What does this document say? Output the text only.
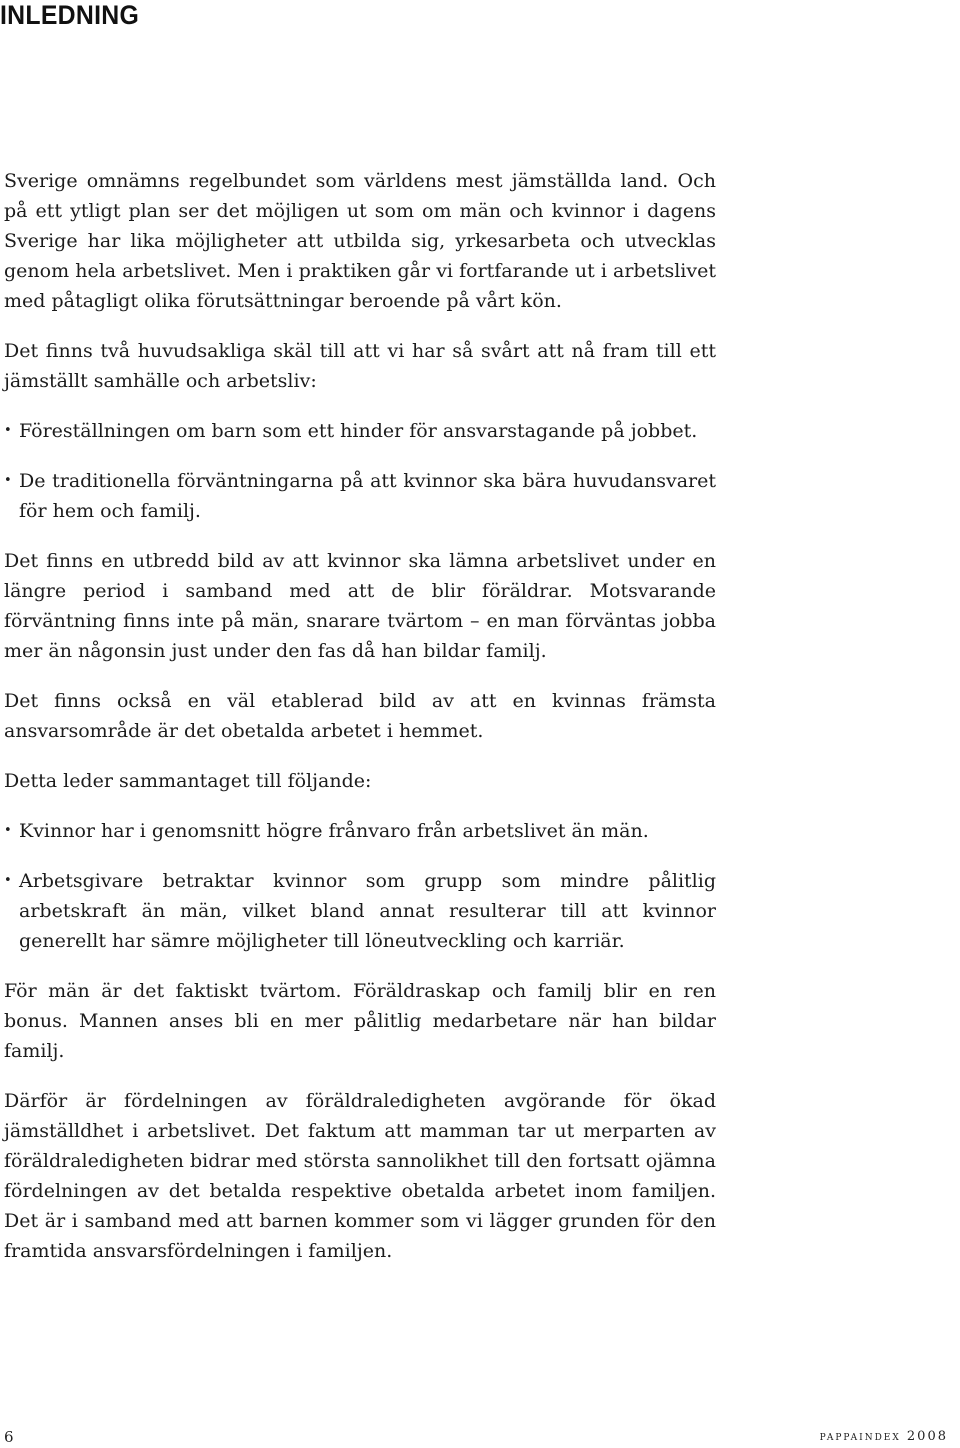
INLEDNING

Sverige omnämns regelbundet som världens mest jämställda land. Och på ett ytligt plan ser det möjligen ut som om män och kvinnor i dagens Sverige har lika möjligheter att utbilda sig, yrkesarbeta och utvecklas genom hela arbetslivet. Men i praktiken går vi fortfarande ut i arbetslivet med påtagligt olika förutsättningar beroende på vårt kön.

Det finns två huvudsakliga skäl till att vi har så svårt att nå fram till ett jämställt samhälle och arbetsliv:

• Föreställningen om barn som ett hinder för ansvarstagande på jobbet.

• De traditionella förväntningarna på att kvinnor ska bära huvudansvaret för hem och familj.

Det finns en utbredd bild av att kvinnor ska lämna arbetslivet under en längre period i samband med att de blir föräldrar. Motsvarande förväntning finns inte på män, snarare tvärtom – en man förväntas jobba mer än någonsin just under den fas då han bildar familj.

Det finns också en väl etablerad bild av att en kvinnas främsta ansvarsområde är det obetalda arbetet i hemmet.

Detta leder sammantaget till följande:

• Kvinnor har i genomsnitt högre frånvaro från arbetslivet än män.

• Arbetsgivare betraktar kvinnor som grupp som mindre pålitlig arbetskraft än män, vilket bland annat resulterar till att kvinnor generellt har sämre möjligheter till löneutveckling och karriär.

För män är det faktiskt tvärtom. Föräldraskap och familj blir en ren bonus. Mannen anses bli en mer pålitlig medarbetare när han bildar familj.

Därför är fördelningen av föräldraledigheten avgörande för ökad jämställdhet i arbetslivet. Det faktum att mamman tar ut merparten av föräldraledigheten bidrar med största sannolikhet till den fortsatt ojämna fördelningen av det betalda respektive obetalda arbetet inom familjen. Det är i samband med att barnen kommer som vi lägger grunden för den framtida ansvarsfördelningen i familjen.

6	pappaindex 2008
